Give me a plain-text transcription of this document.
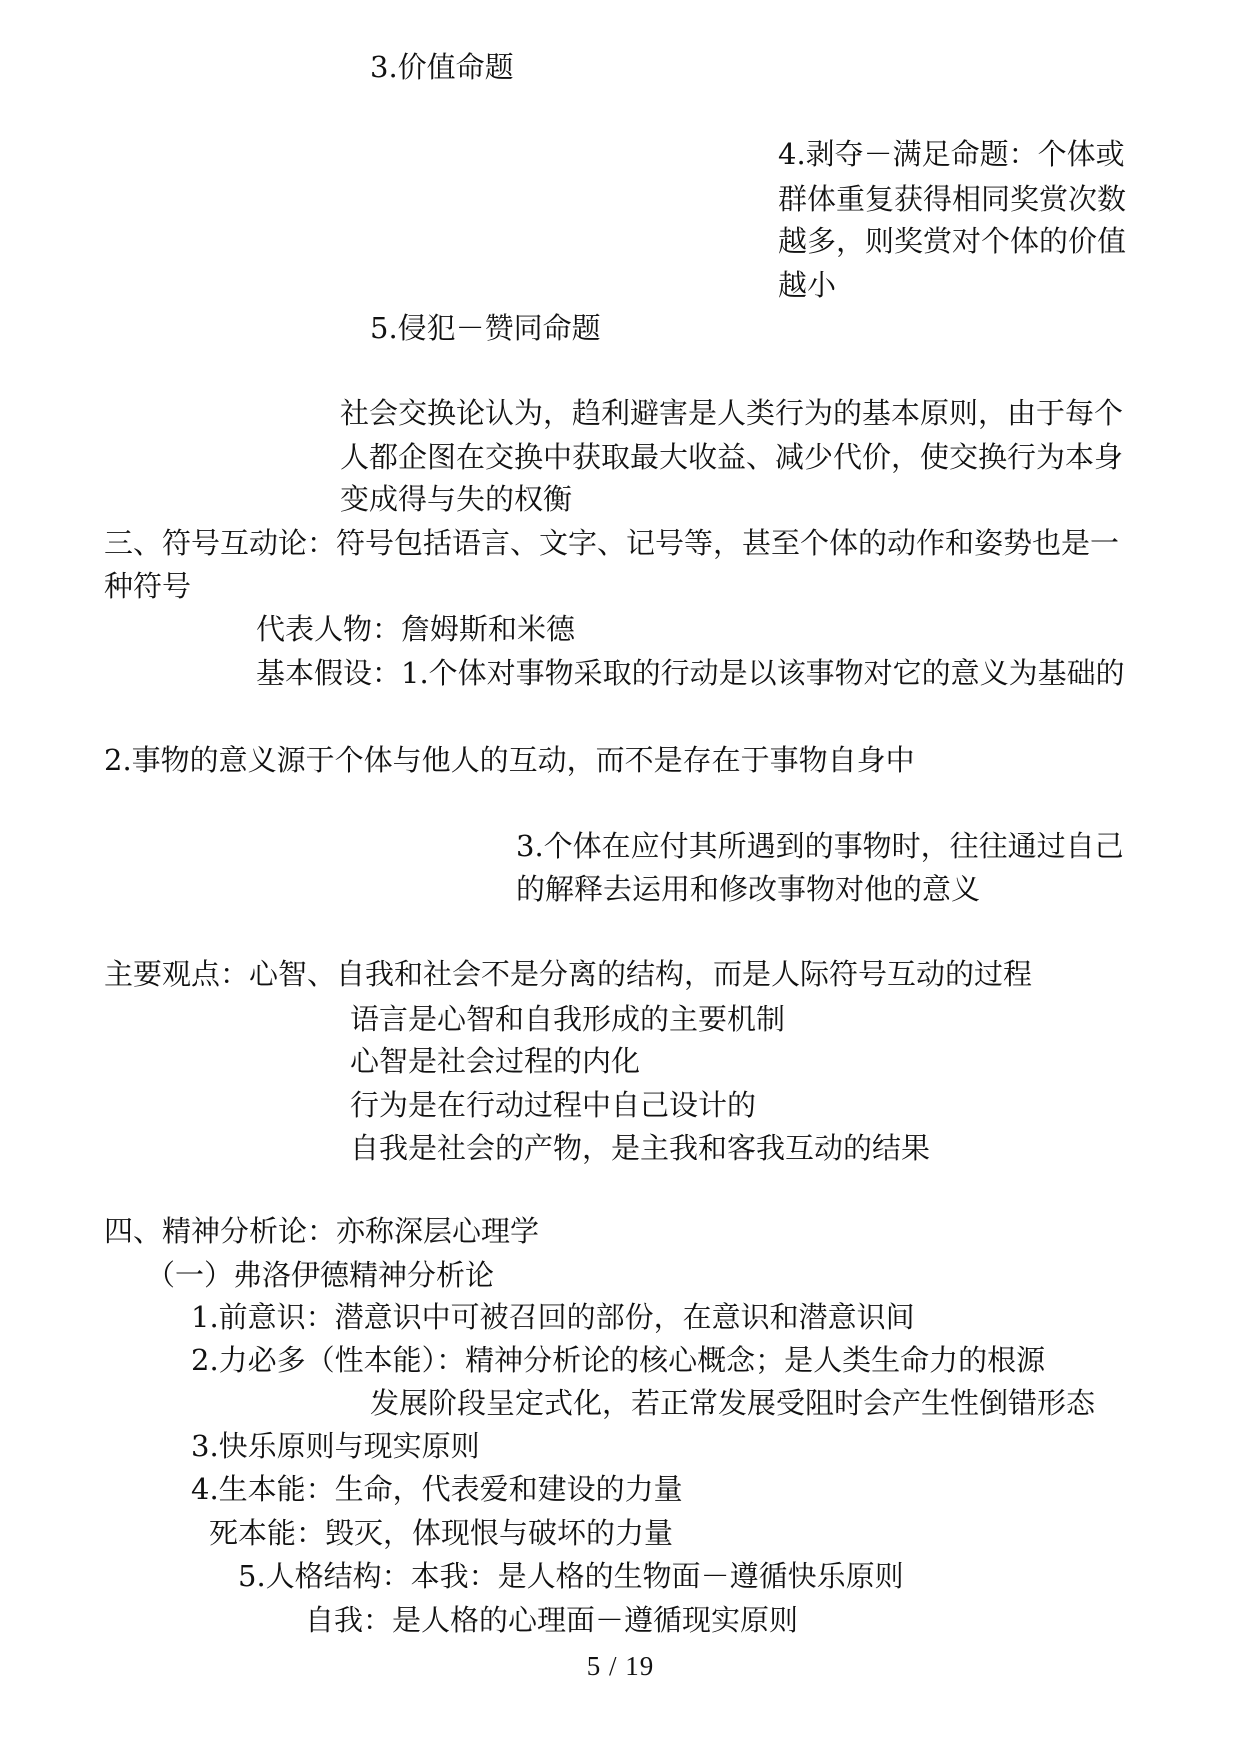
3.价值命题
4.剥夺－满足命题：个体或
群体重复获得相同奖赏次数
越多，则奖赏对个体的价值
越小
5.侵犯－赞同命题
社会交换论认为，趋利避害是人类行为的基本原则，由于每个
人都企图在交换中获取最大收益、减少代价，使交换行为本身
变成得与失的权衡
三、符号互动论：符号包括语言、文字、记号等，甚至个体的动作和姿势也是一
种符号
代表人物：詹姆斯和米德
基本假设：1.个体对事物采取的行动是以该事物对它的意义为基础的
2.事物的意义源于个体与他人的互动，而不是存在于事物自身中
3.个体在应付其所遇到的事物时，往往通过自己
的解释去运用和修改事物对他的意义
主要观点：心智、自我和社会不是分离的结构，而是人际符号互动的过程
语言是心智和自我形成的主要机制
心智是社会过程的内化
行为是在行动过程中自己设计的
自我是社会的产物，是主我和客我互动的结果
四、精神分析论：亦称深层心理学
（一）弗洛伊德精神分析论
1.前意识：潜意识中可被召回的部份，在意识和潜意识间
2.力必多（性本能）：精神分析论的核心概念；是人类生命力的根源
发展阶段呈定式化，若正常发展受阻时会产生性倒错形态
3.快乐原则与现实原则
4.生本能：生命，代表爱和建设的力量
死本能：毁灭，体现恨与破坏的力量
5.人格结构：本我：是人格的生物面－遵循快乐原则
自我：是人格的心理面－遵循现实原则
5 / 19
